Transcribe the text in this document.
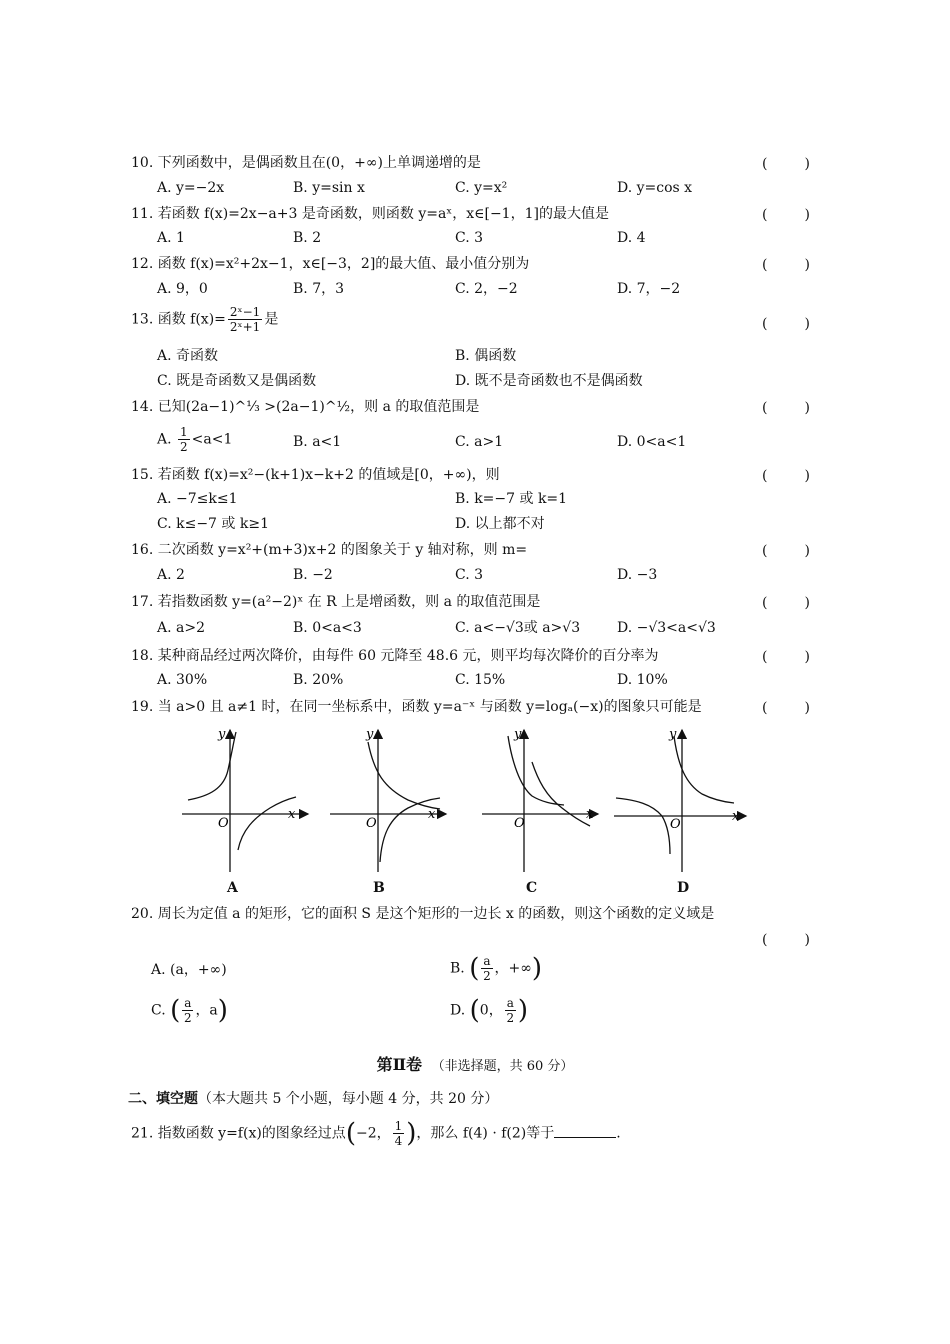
10. 下列函数中，是偶函数且在(0，+∞)上单调递增的是	(	)
A. y=−2x	B. y=sin x	C. y=x²	D. y=cos x
11. 若函数 f(x)=2x−a+3 是奇函数，则函数 y=aˣ，x∈[−1，1]的最大值是	(	)
A. 1	B. 2	C. 3	D. 4
12. 函数 f(x)=x²+2x−1，x∈[−3，2]的最大值、最小值分别为	(	)
A. 9，0	B. 7，3	C. 2，−2	D. 7，−2
13. 函数 $f(x)= \frac{\text{2ˣ−1}}{\text{2ˣ+1}}$ 是	(	)
A. 奇函数	B. 偶函数
C. 既是奇函数又是偶函数	D. 既不是奇函数也不是偶函数
14. 已知(2a−1)^⅓ >(2a−1)^½，则 a 的取值范围是	(	)
A. $\frac{1}{2} <a<1$	B. a<1	C. a>1	D. 0<a<1
15. 若函数 f(x)=x²−(k+1)x−k+2 的值域是[0，+∞)，则	(	)
A. −7≤k≤1	B. k=−7 或 k=1
C. k≤−7 或 k≥1	D. 以上都不对
16. 二次函数 y=x²+(m+3)x+2 的图象关于 y 轴对称，则 m=	(	)
A. 2	B. −2	C. 3	D. −3
17. 若指数函数 y=(a²−2)ˣ 在 R 上是增函数，则 a 的取值范围是	(	)
A. a>2	B. 0<a<3	C. a<−√3或 a>√3	D. −√3<a<√3
18. 某种商品经过两次降价，由每件 60 元降至 48.6 元，则平均每次降价的百分率为	(	)
A. 30%	B. 20%	C. 15%	D. 10%
19. 当 a>0 且 a≠1 时，在同一坐标系中，函数 y=a⁻ˣ 与函数 y=logₐ(−x)的图象只可能是	(	)
O
y
x
A
O
y
x
B
O
y
x
C
O
y
x
D
20. 周长为定值 a 的矩形，它的面积 S 是这个矩形的一边长 x 的函数，则这个函数的定义域是
(	)
A. (a，+∞)	B. ( $\frac{a}{2}$ ，+∞)
C. ( $\frac{a}{2}$ ，a)	D. (0， $\frac{a}{2}$ )
第Ⅱ卷 （非选择题，共 60 分）
二、填空题（本大题共 5 个小题，每小题 4 分，共 20 分）
21. 指数函数 y=f(x)的图象经过点(−2， $\frac{1}{4}$ )，那么 f(4) · f(2)等于	.
